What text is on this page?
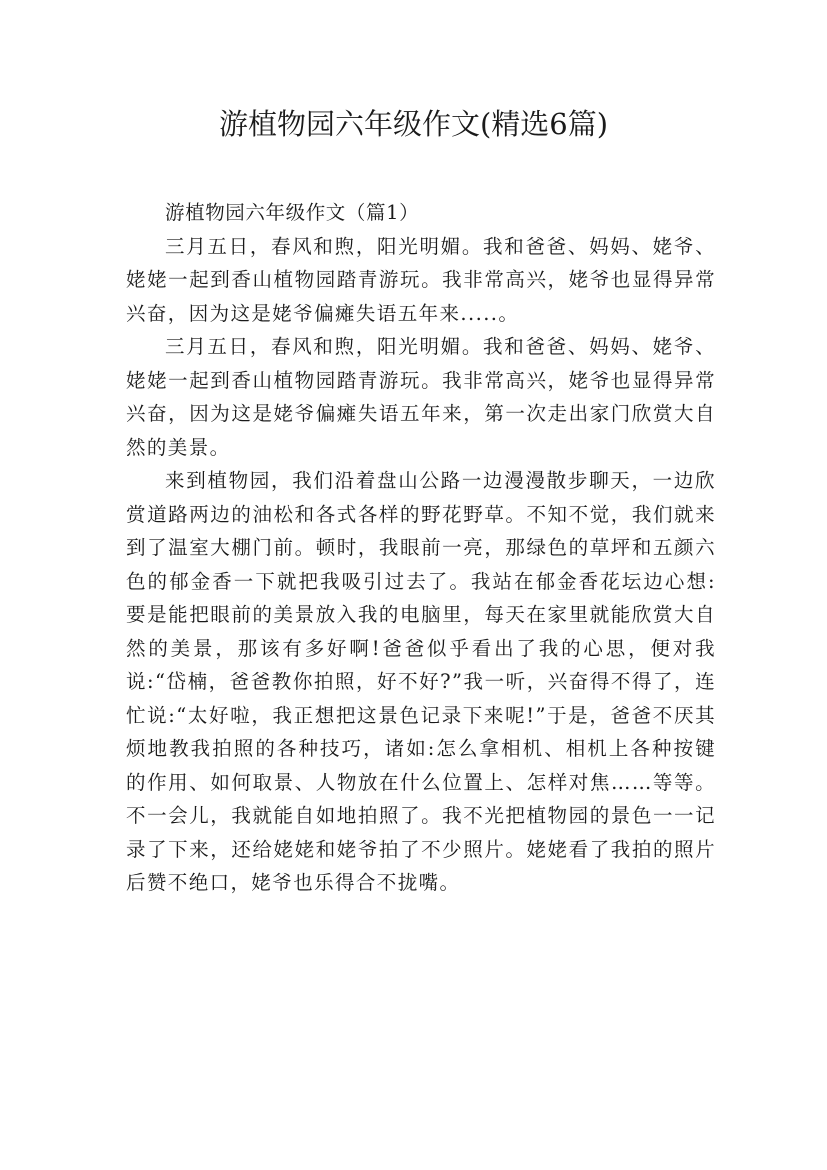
游植物园六年级作文(精选6篇)

游植物园六年级作文（篇1）

三月五日，春风和煦，阳光明媚。我和爸爸、妈妈、姥爷、姥姥一起到香山植物园踏青游玩。我非常高兴，姥爷也显得异常兴奋，因为这是姥爷偏瘫失语五年来.....。

三月五日，春风和煦，阳光明媚。我和爸爸、妈妈、姥爷、姥姥一起到香山植物园踏青游玩。我非常高兴，姥爷也显得异常兴奋，因为这是姥爷偏瘫失语五年来，第一次走出家门欣赏大自然的美景。

来到植物园，我们沿着盘山公路一边漫漫散步聊天，一边欣赏道路两边的油松和各式各样的野花野草。不知不觉，我们就来到了温室大棚门前。顿时，我眼前一亮，那绿色的草坪和五颜六色的郁金香一下就把我吸引过去了。我站在郁金香花坛边心想:要是能把眼前的美景放入我的电脑里，每天在家里就能欣赏大自然的美景，那该有多好啊!爸爸似乎看出了我的心思，便对我说:“岱楠，爸爸教你拍照，好不好?”我一听，兴奋得不得了，连忙说:“太好啦，我正想把这景色记录下来呢!”于是，爸爸不厌其烦地教我拍照的各种技巧，诸如:怎么拿相机、相机上各种按键的作用、如何取景、人物放在什么位置上、怎样对焦……等等。不一会儿，我就能自如地拍照了。我不光把植物园的景色一一记录了下来，还给姥姥和姥爷拍了不少照片。姥姥看了我拍的照片后赞不绝口，姥爷也乐得合不拢嘴。
